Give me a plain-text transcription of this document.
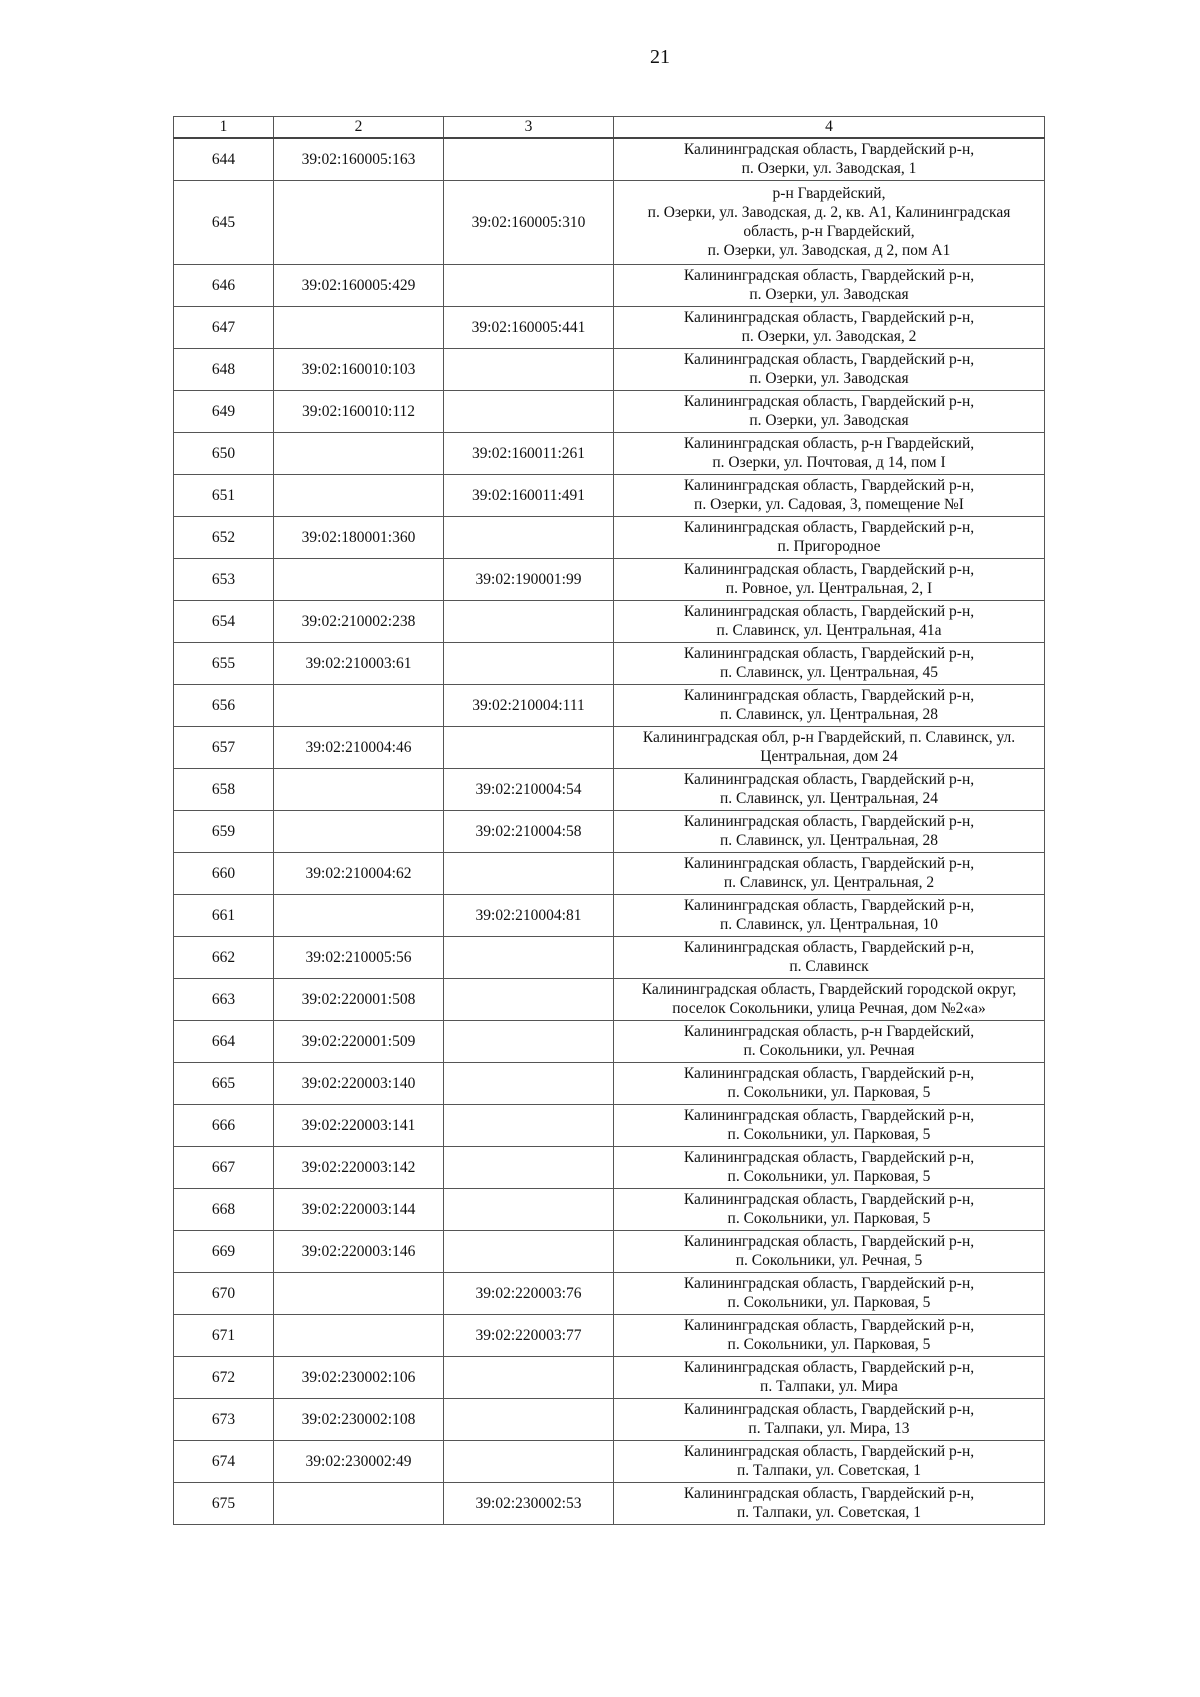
21
1	2	3	4
644	39:02:160005:163		Калининградская область, Гвардейский р-н,
п. Озерки, ул. Заводская, 1
645		39:02:160005:310	р-н Гвардейский,
п. Озерки, ул. Заводская, д. 2, кв. А1, Калининградская
область, р-н Гвардейский,
п. Озерки, ул. Заводская, д 2, пом А1
646	39:02:160005:429		Калининградская область, Гвардейский р-н,
п. Озерки, ул. Заводская
647		39:02:160005:441	Калининградская область, Гвардейский р-н,
п. Озерки, ул. Заводская, 2
648	39:02:160010:103		Калининградская область, Гвардейский р-н,
п. Озерки, ул. Заводская
649	39:02:160010:112		Калининградская область, Гвардейский р-н,
п. Озерки, ул. Заводская
650		39:02:160011:261	Калининградская область, р-н Гвардейский,
п. Озерки, ул. Почтовая, д 14, пом I
651		39:02:160011:491	Калининградская область, Гвардейский р-н,
п. Озерки, ул. Садовая, 3, помещение №I
652	39:02:180001:360		Калининградская область, Гвардейский р-н,
п. Пригородное
653		39:02:190001:99	Калининградская область, Гвардейский р-н,
п. Ровное, ул. Центральная, 2, I
654	39:02:210002:238		Калининградская область, Гвардейский р-н,
п. Славинск, ул. Центральная, 41а
655	39:02:210003:61		Калининградская область, Гвардейский р-н,
п. Славинск, ул. Центральная, 45
656		39:02:210004:111	Калининградская область, Гвардейский р-н,
п. Славинск, ул. Центральная, 28
657	39:02:210004:46		Калининградская обл, р-н Гвардейский, п. Славинск, ул.
Центральная, дом 24
658		39:02:210004:54	Калининградская область, Гвардейский р-н,
п. Славинск, ул. Центральная, 24
659		39:02:210004:58	Калининградская область, Гвардейский р-н,
п. Славинск, ул. Центральная, 28
660	39:02:210004:62		Калининградская область, Гвардейский р-н,
п. Славинск, ул. Центральная, 2
661		39:02:210004:81	Калининградская область, Гвардейский р-н,
п. Славинск, ул. Центральная, 10
662	39:02:210005:56		Калининградская область, Гвардейский р-н,
п. Славинск
663	39:02:220001:508		Калининградская область, Гвардейский городской округ,
поселок Сокольники, улица Речная, дом №2«а»
664	39:02:220001:509		Калининградская область, р-н Гвардейский,
п. Сокольники, ул. Речная
665	39:02:220003:140		Калининградская область, Гвардейский р-н,
п. Сокольники, ул. Парковая, 5
666	39:02:220003:141		Калининградская область, Гвардейский р-н,
п. Сокольники, ул. Парковая, 5
667	39:02:220003:142		Калининградская область, Гвардейский р-н,
п. Сокольники, ул. Парковая, 5
668	39:02:220003:144		Калининградская область, Гвардейский р-н,
п. Сокольники, ул. Парковая, 5
669	39:02:220003:146		Калининградская область, Гвардейский р-н,
п. Сокольники, ул. Речная, 5
670		39:02:220003:76	Калининградская область, Гвардейский р-н,
п. Сокольники, ул. Парковая, 5
671		39:02:220003:77	Калининградская область, Гвардейский р-н,
п. Сокольники, ул. Парковая, 5
672	39:02:230002:106		Калининградская область, Гвардейский р-н,
п. Талпаки, ул. Мира
673	39:02:230002:108		Калининградская область, Гвардейский р-н,
п. Талпаки, ул. Мира, 13
674	39:02:230002:49		Калининградская область, Гвардейский р-н,
п. Талпаки, ул. Советская, 1
675		39:02:230002:53	Калининградская область, Гвардейский р-н,
п. Талпаки, ул. Советская, 1
